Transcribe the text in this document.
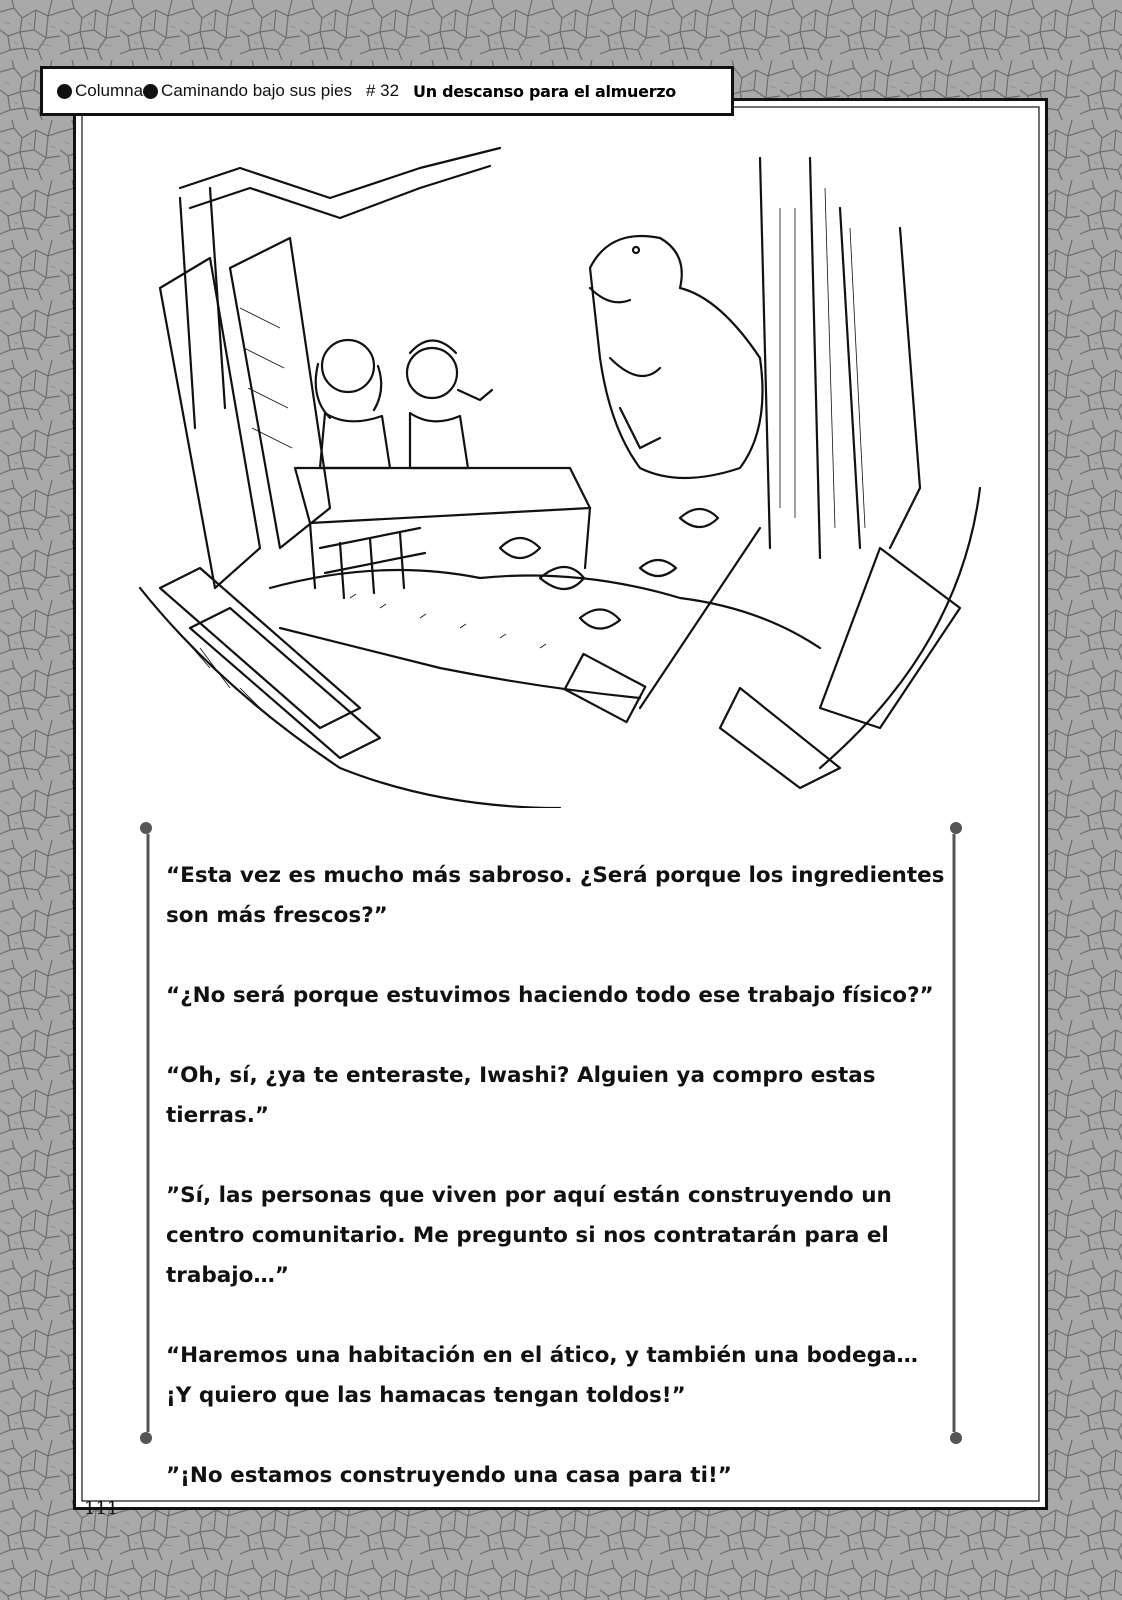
Columna Caminando bajo sus pies # 32 Un descanso para el almuerzo

“Esta vez es mucho más sabroso. ¿Será porque los ingredientes son más frescos?”

“¿No será porque estuvimos haciendo todo ese trabajo físico?”

“Oh, sí, ¿ya te enteraste, Iwashi? Alguien ya compro estas tierras.”

”Sí, las personas que viven por aquí están construyendo un centro comunitario. Me pregunto si nos contratarán para el trabajo…”

“Haremos una habitación en el ático, y también una bodega… ¡Y quiero que las hamacas tengan toldos!”

”¡No estamos construyendo una casa para ti!”

111
